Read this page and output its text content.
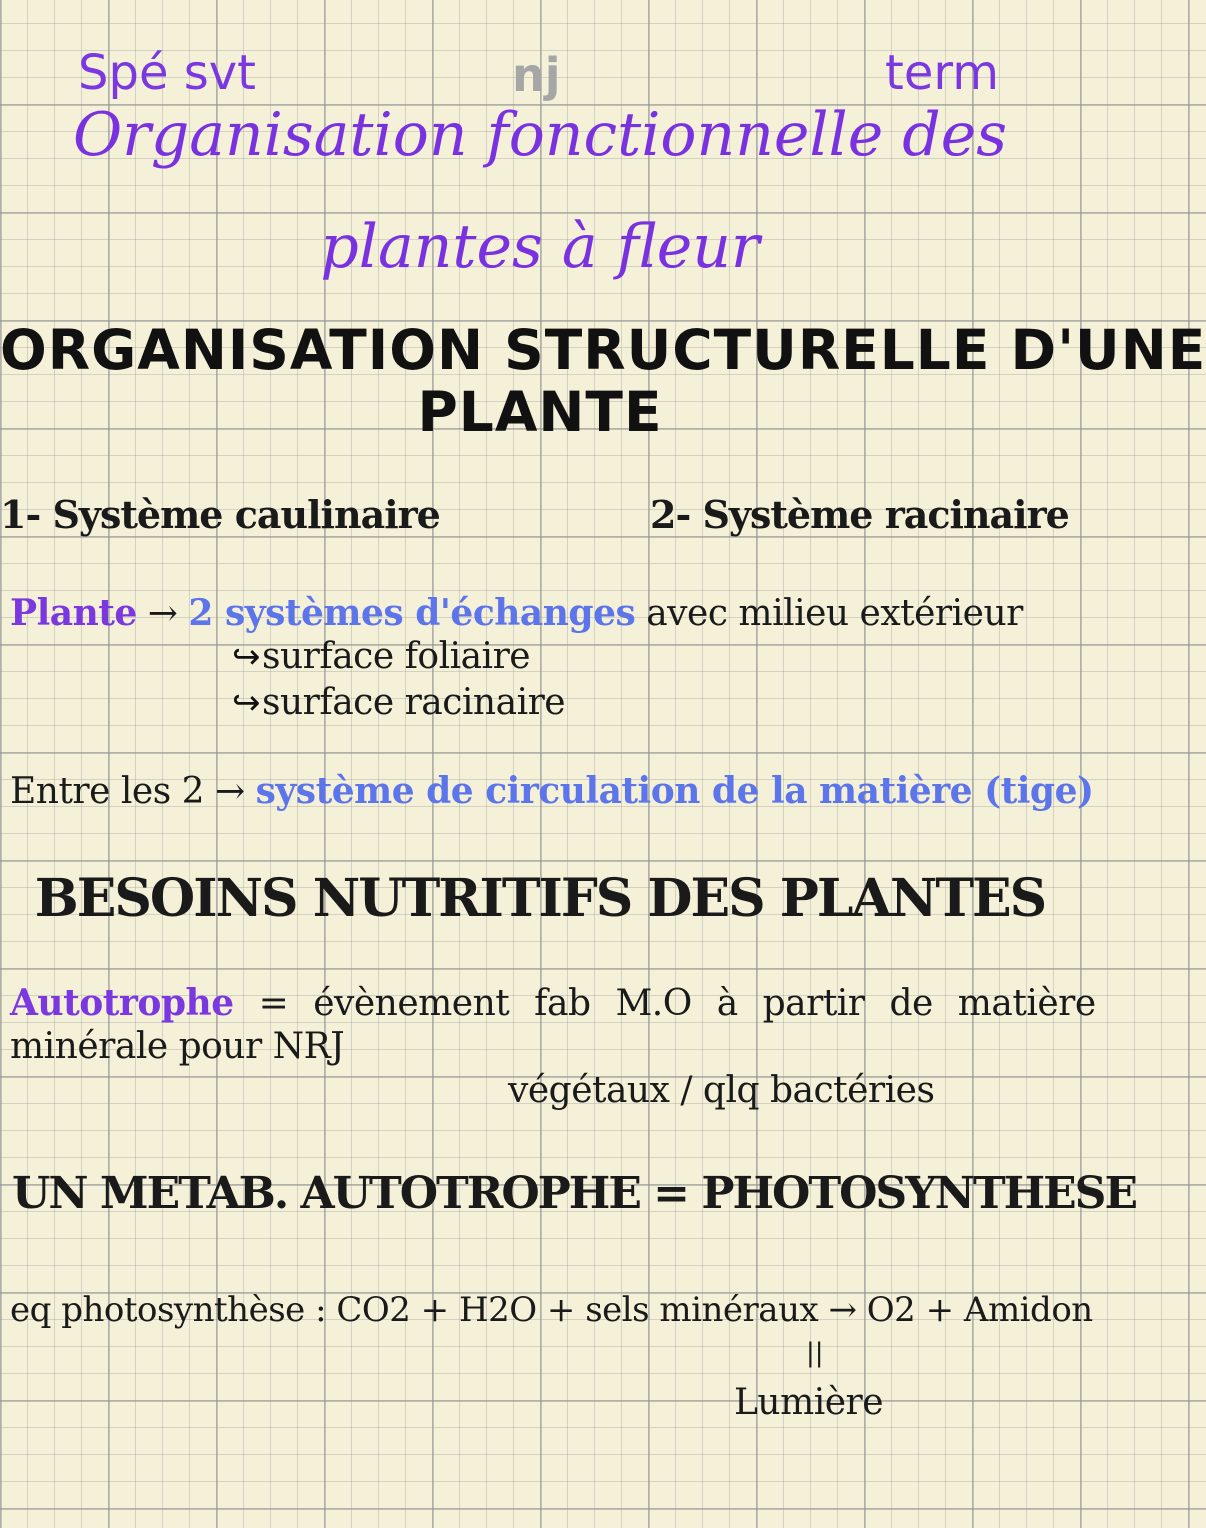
Spé svt	nj	term
Organisation fonctionnelle des
plantes à fleur
ORGANISATION STRUCTURELLE D'UNE
PLANTE
1- Système caulinaire	2- Système racinaire
Plante → 2 systèmes d'échanges avec milieu extérieur
↪surface foliaire
↪surface racinaire
Entre les 2 → système de circulation de la matière (tige)
BESOINS NUTRITIFS DES PLANTES
Autotrophe = évènement fab M.O à partir de matière
minérale pour NRJ
végétaux / qlq bactéries
UN METAB. AUTOTROPHE = PHOTOSYNTHESE
eq photosynthèse : CO2 + H2O + sels minéraux → O2 + Amidon
||
Lumière
